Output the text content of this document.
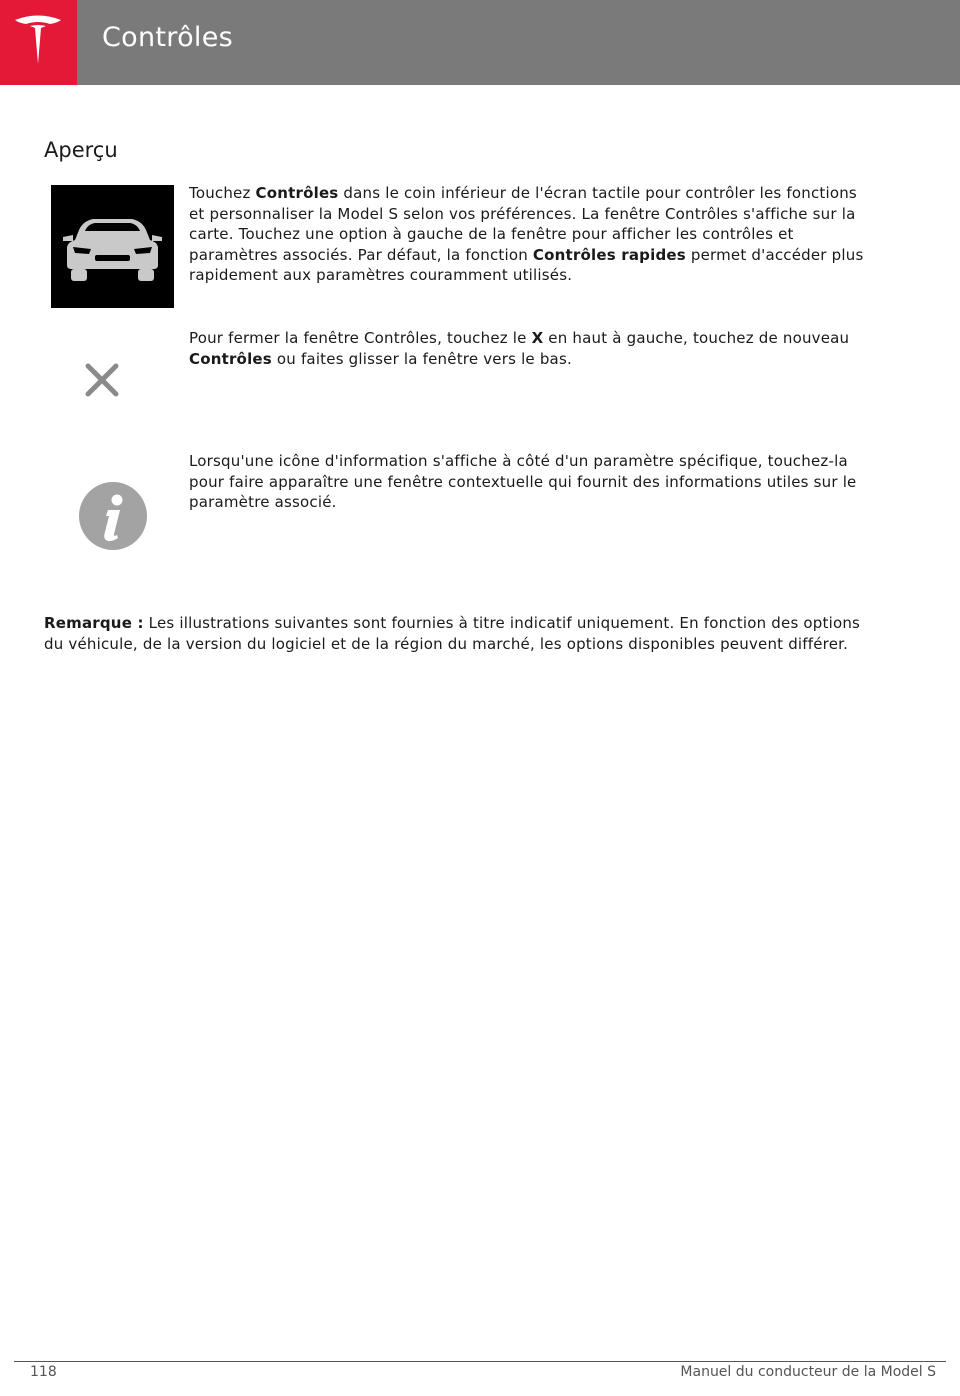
Contrôles
Aperçu
Touchez Contrôles dans le coin inférieur de l'écran tactile pour contrôler les fonctions et personnaliser la Model S selon vos préférences. La fenêtre Contrôles s'affiche sur la carte. Touchez une option à gauche de la fenêtre pour afficher les contrôles et paramètres associés. Par défaut, la fonction Contrôles rapides permet d'accéder plus rapidement aux paramètres couramment utilisés.
Pour fermer la fenêtre Contrôles, touchez le X en haut à gauche, touchez de nouveau Contrôles ou faites glisser la fenêtre vers le bas.
Lorsqu'une icône d'information s'affiche à côté d'un paramètre spécifique, touchez-la pour faire apparaître une fenêtre contextuelle qui fournit des informations utiles sur le paramètre associé.
Remarque : Les illustrations suivantes sont fournies à titre indicatif uniquement. En fonction des options du véhicule, de la version du logiciel et de la région du marché, les options disponibles peuvent différer.
118	Manuel du conducteur de la Model S
